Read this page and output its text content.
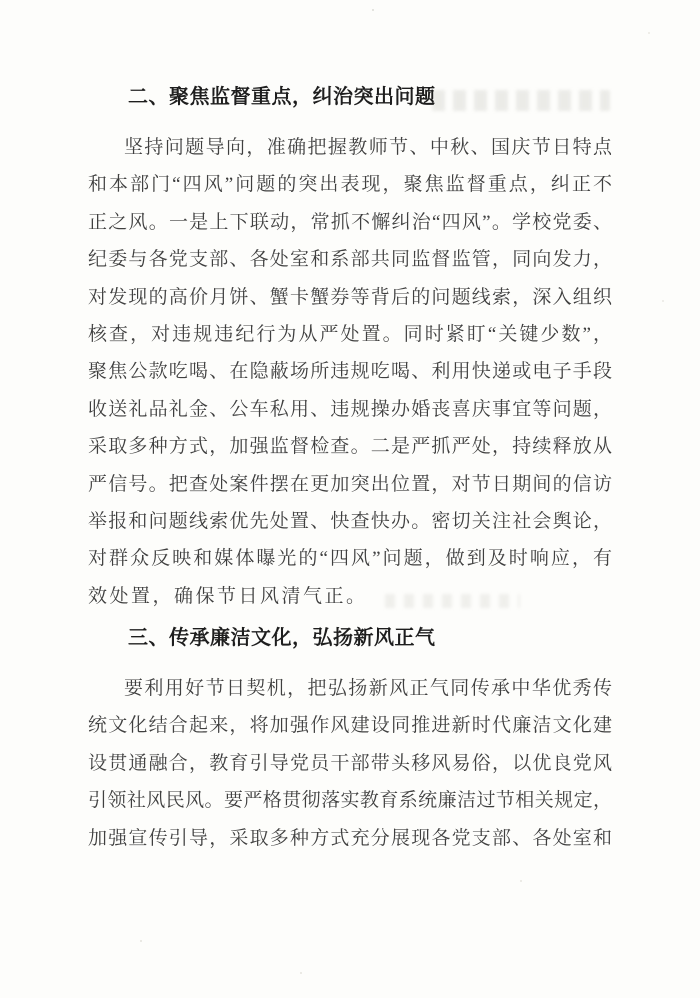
二、聚焦监督重点，纠治突出问题
坚持问题导向，准确把握教师节、中秋、国庆节日特点
和本部门“四风”问题的突出表现，聚焦监督重点，纠正不
正之风。一是上下联动，常抓不懈纠治“四风”。学校党委、
纪委与各党支部、各处室和系部共同监督监管，同向发力，
对发现的高价月饼、蟹卡蟹券等背后的问题线索，深入组织
核查，对违规违纪行为从严处置。同时紧盯“关键少数”，
聚焦公款吃喝、在隐蔽场所违规吃喝、利用快递或电子手段
收送礼品礼金、公车私用、违规操办婚丧喜庆事宜等问题，
采取多种方式，加强监督检查。二是严抓严处，持续释放从
严信号。把查处案件摆在更加突出位置，对节日期间的信访
举报和问题线索优先处置、快查快办。密切关注社会舆论，
对群众反映和媒体曝光的“四风”问题，做到及时响应，有
效处置，确保节日风清气正。
三、传承廉洁文化，弘扬新风正气
要利用好节日契机，把弘扬新风正气同传承中华优秀传
统文化结合起来，将加强作风建设同推进新时代廉洁文化建
设贯通融合，教育引导党员干部带头移风易俗，以优良党风
引领社风民风。要严格贯彻落实教育系统廉洁过节相关规定，
加强宣传引导，采取多种方式充分展现各党支部、各处室和
